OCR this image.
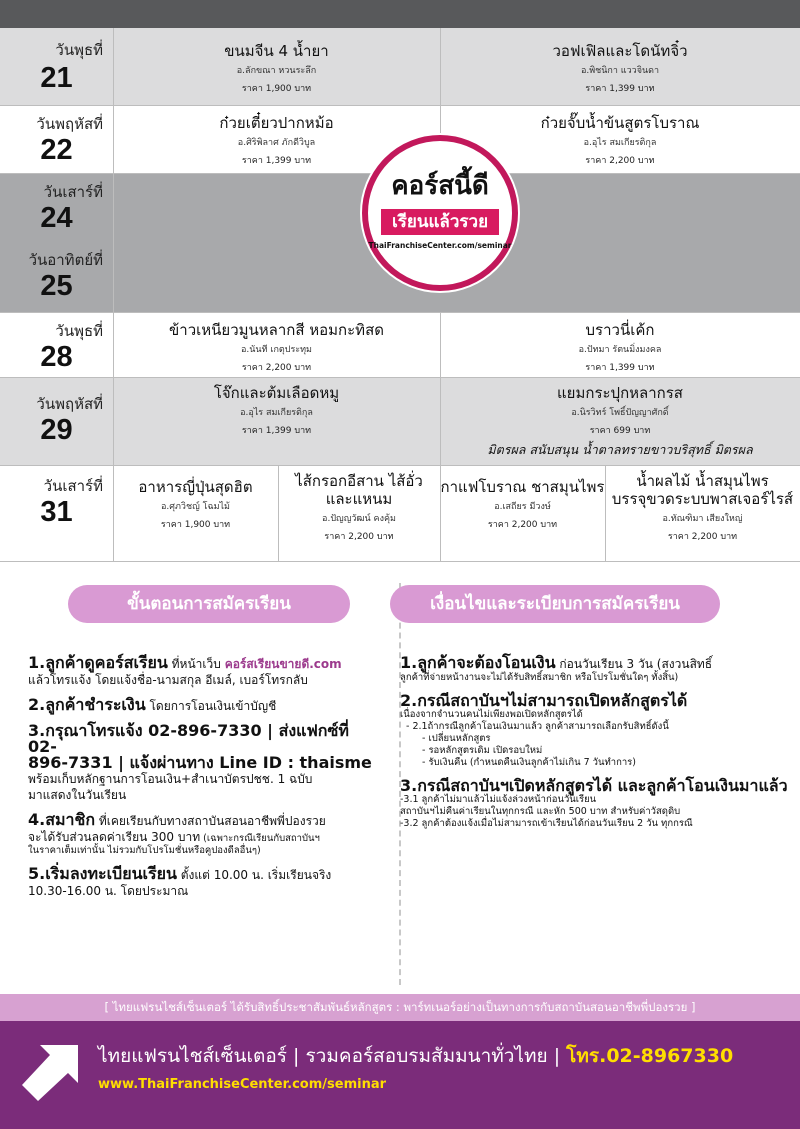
วันพุธที่
21
ขนมจีน 4 น้ำยา
อ.ลักขณา หวนระลึก
ราคา 1,900 บาท
วอฟเฟิลและโดนัทจิ๋ว
อ.พิชนิกา แววจินดา
ราคา 1,399 บาท
วันพฤหัสที่
22
ก๋วยเตี๋ยวปากหม้อ
อ.ศิริพิลาศ ภักดีวิบูล
ราคา 1,399 บาท
ก๋วยจั๊บน้ำข้นสูตรโบราณ
อ.อุไร สมเกียรติกุล
ราคา 2,200 บาท
วันเสาร์ที่
24
วันอาทิตย์ที่
25
วันพุธที่
28
ข้าวเหนียวมูนหลากสี หอมกะทิสด
อ.นันที เกตุประทุม
ราคา 2,200 บาท
บราวนี่เค้ก
อ.ปัทมา รัตนมิ่งมงคล
ราคา 1,399 บาท
วันพฤหัสที่
29
โจ๊กและต้มเลือดหมู
อ.อุไร สมเกียรติกุล
ราคา 1,399 บาท
แยมกระปุกหลากรส
อ.นิรวิทร์ โพธิ์ปัญญาศักดิ์
ราคา 699 บาท
มิตรผล สนับสนุน น้ำตาลทรายขาวบริสุทธิ์ มิตรผล
วันเสาร์ที่
31
อาหารญี่ปุ่นสุดฮิต
อ.ศุภวิชญ์ โฉมไม้
ราคา 1,900 บาท
ไส้กรอกอีสาน ไส้อั่ว
และแหนม
อ.ปัญญวัฒน์ คงคุ้ม
ราคา 2,200 บาท
กาแฟโบราณ ชาสมุนไพร
อ.เสถียร มีวงษ์
ราคา 2,200 บาท
น้ำผลไม้ น้ำสมุนไพร
บรรจุขวดระบบพาสเจอร์ไรส์
อ.ทัณฑิมา เสียงใหญ่
ราคา 2,200 บาท
คอร์สนี้ดี
เรียนแล้วรวย
ThaiFranchiseCenter.com/seminar
ขั้นตอนการสมัครเรียน	เงื่อนไขและระเบียบการสมัครเรียน
1.ลูกค้าดูคอร์สเรียน ที่หน้าเว็บ คอร์สเรียนขายดี.com
แล้วโทรแจ้ง โดยแจ้งชื่อ-นามสกุล อีเมล์, เบอร์โทรกลับ
2.ลูกค้าชำระเงิน โดยการโอนเงินเข้าบัญชี
3.กรุณาโทรแจ้ง 02-896-7330 | ส่งแฟกซ์ที่ 02-
896-7331 | แจ้งผ่านทาง Line ID : thaisme
พร้อมเก็บหลักฐานการโอนเงิน+สำเนาบัตรปชช. 1 ฉบับ
มาแสดงในวันเรียน
4.สมาชิก ที่เคยเรียนกับทางสถาบันสอนอาชีพพี่ปองรวย
จะได้รับส่วนลดค่าเรียน 300 บาท (เฉพาะกรณีเรียนกับสถาบันฯ
ในราคาเต็มเท่านั้น ไม่รวมกับโปรโมชั่นหรือคูปองดีลอื่นๆ)
5.เริ่มลงทะเบียนเรียน ตั้งแต่ 10.00 น. เริ่มเรียนจริง
10.30-16.00 น. โดยประมาณ
1.ลูกค้าจะต้องโอนเงิน ก่อนวันเรียน 3 วัน (สงวนสิทธิ์
ลูกค้าที่จ่ายหน้างานจะไม่ได้รับสิทธิ์สมาชิก หรือโปรโมชั่นใดๆ ทั้งสิ้น)
2.กรณีสถาบันฯไม่สามารถเปิดหลักสูตรได้
เนื่องจากจำนวนคนไม่เพียงพอเปิดหลักสูตรได้
- 2.1ถ้ากรณีลูกค้าโอนเงินมาแล้ว ลูกค้าสามารถเลือกรับสิทธิ์ดังนี้
- เปลี่ยนหลักสูตร
- รอหลักสูตรเดิม เปิดรอบใหม่
- รับเงินคืน (กำหนดคืนเงินลูกค้าไม่เกิน 7 วันทำการ)
3.กรณีสถาบันฯเปิดหลักสูตรได้ และลูกค้าโอนเงินมาแล้ว
-3.1 ลูกค้าไม่มาแล้วไม่แจ้งล่วงหน้าก่อนวันเรียน
สถาบันฯไม่คืนค่าเรียนในทุกกรณี และหัก 500 บาท สำหรับค่าวัสดุดิบ
-3.2 ลูกค้าต้องแจ้งเมื่อไม่สามารถเข้าเรียนได้ก่อนวันเรียน 2 วัน ทุกกรณี
[ ไทยแฟรนไชส์เซ็นเตอร์ ได้รับสิทธิ์ประชาสัมพันธ์หลักสูตร : พาร์ทเนอร์อย่างเป็นทางการกับสถาบันสอนอาชีพพี่ปองรวย ]
ไทยแฟรนไชส์เซ็นเตอร์ | รวมคอร์สอบรมสัมมนาทั่วไทย | โทร.02-8967330
www.ThaiFranchiseCenter.com/seminar
